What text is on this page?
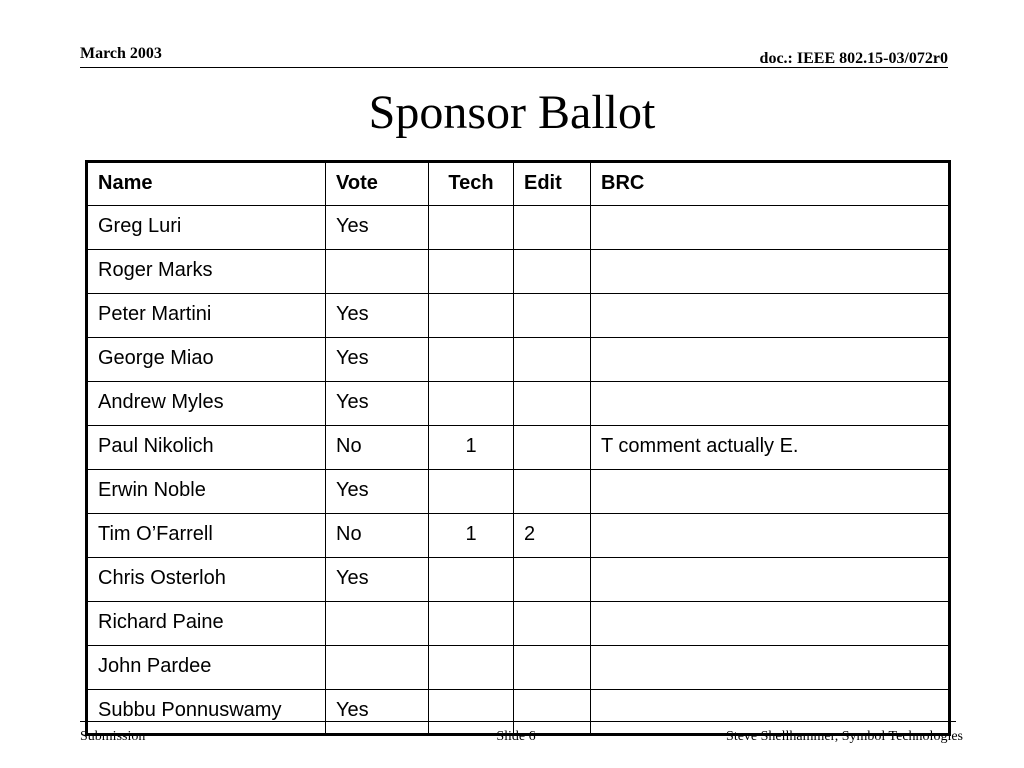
March 2003	doc.: IEEE 802.15-03/072r0
Sponsor Ballot
Name	Vote	Tech	Edit	BRC
Greg Luri	Yes			
Roger Marks				
Peter Martini	Yes			
George Miao	Yes			
Andrew Myles	Yes			
Paul Nikolich	No	1		T comment actually E.
Erwin Noble	Yes			
Tim O’Farrell	No	1	2	
Chris Osterloh	Yes			
Richard Paine				
John Pardee				
Subbu Ponnuswamy	Yes			
Submission	Slide 6	Steve Shellhammer, Symbol Technologies
